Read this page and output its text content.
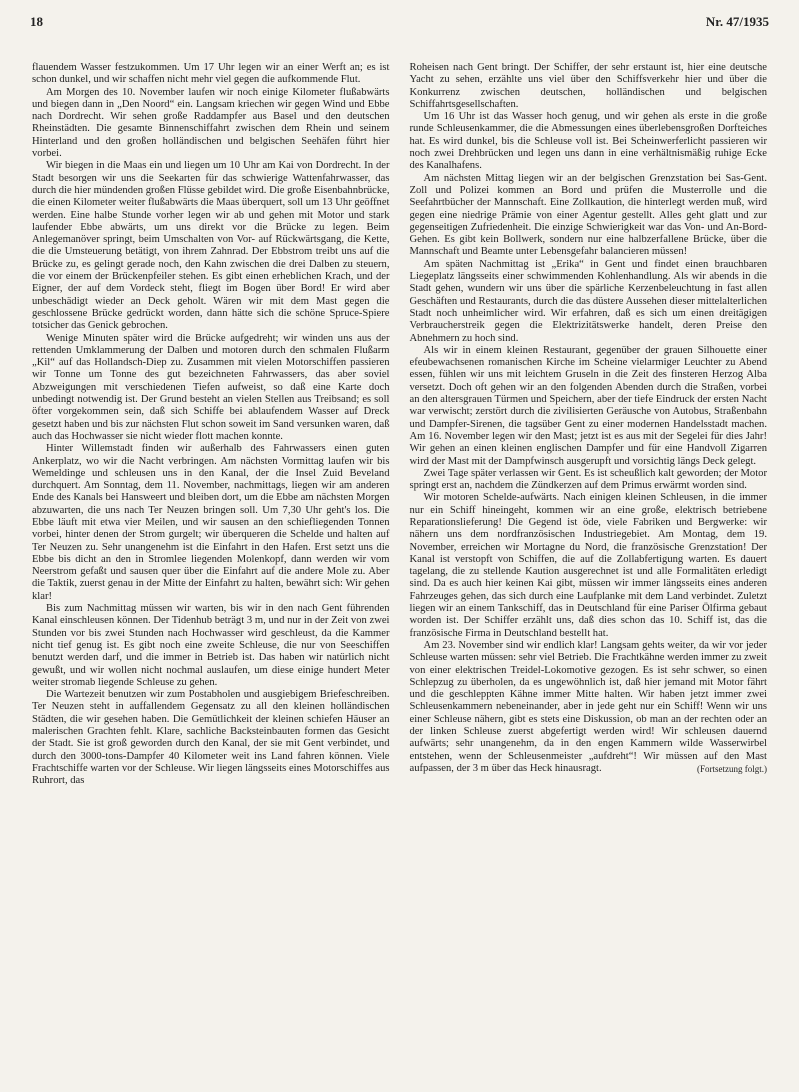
18	Nr. 47/1935

flauendem Wasser festzukommen. Um 17 Uhr legen wir an einer Werft an; es ist schon dunkel, und wir schaffen nicht mehr viel gegen die aufkommende Flut.

Am Morgen des 10. November laufen wir noch einige Kilometer flußabwärts und biegen dann in „Den Noord“ ein. Langsam kriechen wir gegen Wind und Ebbe nach Dordrecht. Wir sehen große Raddampfer aus Basel und den deutschen Rheinstädten. Die gesamte Binnenschiffahrt zwischen dem Rhein und seinem Hinterland und den großen holländischen und belgischen Seehäfen führt hier vorbei.

Wir biegen in die Maas ein und liegen um 10 Uhr am Kai von Dordrecht. In der Stadt besorgen wir uns die Seekarten für das schwierige Wattenfahrwasser, das durch die hier mündenden großen Flüsse gebildet wird. Die große Eisenbahnbrücke, die einen Kilometer weiter flußabwärts die Maas überquert, soll um 13 Uhr geöffnet werden. Eine halbe Stunde vorher legen wir ab und gehen mit Motor und stark laufender Ebbe abwärts, um uns direkt vor die Brücke zu legen. Beim Anlegemanöver springt, beim Umschalten von Vor- auf Rückwärtsgang, die Kette, die die Umsteuerung betätigt, von ihrem Zahnrad. Der Ebbstrom treibt uns auf die Brücke zu, es gelingt gerade noch, den Kahn zwischen die drei Dalben zu steuern, die vor einem der Brückenpfeiler stehen. Es gibt einen erheblichen Krach, und der Eigner, der auf dem Vordeck steht, fliegt im Bogen über Bord! Er wird aber unbeschädigt wieder an Deck geholt. Wären wir mit dem Mast gegen die geschlossene Brücke gedrückt worden, dann hätte sich die schöne Spruce-Spiere totsicher das Genick gebrochen.

Wenige Minuten später wird die Brücke aufgedreht; wir winden uns aus der rettenden Umklammerung der Dalben und motoren durch den schmalen Flußarm „Kil“ auf das Hollandsch-Diep zu. Zusammen mit vielen Motorschiffen passieren wir Tonne um Tonne des gut bezeichneten Fahrwassers, das aber soviel Abzweigungen mit verschiedenen Tiefen aufweist, so daß eine Karte doch unbedingt notwendig ist. Der Grund besteht an vielen Stellen aus Treibsand; es soll öfter vorgekommen sein, daß sich Schiffe bei ablaufendem Wasser auf Dreck gesetzt haben und bis zur nächsten Flut schon soweit im Sand versunken waren, daß auch das Hochwasser sie nicht wieder flott machen konnte.

Hinter Willemstadt finden wir außerhalb des Fahrwassers einen guten Ankerplatz, wo wir die Nacht verbringen. Am nächsten Vormittag laufen wir bis Wemeldinge und schleusen uns in den Kanal, der die Insel Zuid Beveland durchquert. Am Sonntag, dem 11. November, nachmittags, liegen wir am anderen Ende des Kanals bei Hansweert und bleiben dort, um die Ebbe am nächsten Morgen abzuwarten, die uns nach Ter Neuzen bringen soll. Um 7,30 Uhr geht's los. Die Ebbe läuft mit etwa vier Meilen, und wir sausen an den schiefliegenden Tonnen vorbei, hinter denen der Strom gurgelt; wir überqueren die Schelde und halten auf Ter Neuzen zu. Sehr unangenehm ist die Einfahrt in den Hafen. Erst setzt uns die Ebbe bis dicht an den in Stromlee liegenden Molenkopf, dann werden wir vom Neerstrom gefaßt und sausen quer über die Einfahrt auf die andere Mole zu. Aber die Taktik, zuerst genau in der Mitte der Einfahrt zu halten, bewährt sich: Wir gehen klar!

Bis zum Nachmittag müssen wir warten, bis wir in den nach Gent führenden Kanal einschleusen können. Der Tidenhub beträgt 3 m, und nur in der Zeit von zwei Stunden vor bis zwei Stunden nach Hochwasser wird geschleust, da die Kammer nicht tief genug ist. Es gibt noch eine zweite Schleuse, die nur von Seeschiffen benutzt werden darf, und die immer in Betrieb ist. Das haben wir natürlich nicht gewußt, und wir wollen nicht nochmal auslaufen, um diese einige hundert Meter weiter stromab liegende Schleuse zu gehen.

Die Wartezeit benutzen wir zum Postabholen und ausgiebigem Briefeschreiben. Ter Neuzen steht in auffallendem Gegensatz zu all den kleinen holländischen Städten, die wir gesehen haben. Die Gemütlichkeit der kleinen schiefen Häuser an malerischen Grachten fehlt. Klare, sachliche Backsteinbauten formen das Gesicht der Stadt. Sie ist groß geworden durch den Kanal, der sie mit Gent verbindet, und durch den 3000-tons-Dampfer 40 Kilometer weit ins Land fahren können. Viele Frachtschiffe warten vor der Schleuse. Wir liegen längsseits eines Motorschiffes aus Ruhrort, das

Roheisen nach Gent bringt. Der Schiffer, der sehr erstaunt ist, hier eine deutsche Yacht zu sehen, erzählte uns viel über den Schiffsverkehr hier und über die Konkurrenz zwischen deutschen, holländischen und belgischen Schiffahrtsgesellschaften.

Um 16 Uhr ist das Wasser hoch genug, und wir gehen als erste in die große runde Schleusenkammer, die die Abmessungen eines überlebensgroßen Dorfteiches hat. Es wird dunkel, bis die Schleuse voll ist. Bei Scheinwerferlicht passieren wir noch zwei Drehbrücken und legen uns dann in eine verhältnismäßig ruhige Ecke des Kanalhafens.

Am nächsten Mittag liegen wir an der belgischen Grenzstation bei Sas-Gent. Zoll und Polizei kommen an Bord und prüfen die Musterrolle und die Seefahrtbücher der Mannschaft. Eine Zollkaution, die hinterlegt werden muß, wird gegen eine niedrige Prämie von einer Agentur gestellt. Alles geht glatt und zur gegenseitigen Zufriedenheit. Die einzige Schwierigkeit war das Von- und An-Bord-Gehen. Es gibt kein Bollwerk, sondern nur eine halbzerfallene Brücke, über die Mannschaft und Beamte unter Lebensgefahr balancieren müssen!

Am späten Nachmittag ist „Erika“ in Gent und findet einen brauchbaren Liegeplatz längsseits einer schwimmenden Kohlenhandlung. Als wir abends in die Stadt gehen, wundern wir uns über die spärliche Kerzenbeleuchtung in fast allen Geschäften und Restaurants, durch die das düstere Aussehen dieser mittelalterlichen Stadt noch unheimlicher wird. Wir erfahren, daß es sich um einen dreitägigen Verbraucherstreik gegen die Elektrizitätswerke handelt, deren Preise den Abnehmern zu hoch sind.

Als wir in einem kleinen Restaurant, gegenüber der grauen Silhouette einer efeubewachsenen romanischen Kirche im Scheine vielarmiger Leuchter zu Abend essen, fühlen wir uns mit leichtem Gruseln in die Zeit des finsteren Herzog Alba versetzt. Doch oft gehen wir an den folgenden Abenden durch die Straßen, vorbei an den altersgrauen Türmen und Speichern, aber der tiefe Eindruck der ersten Nacht war verwischt; zerstört durch die zivilisierten Geräusche von Autobus, Straßenbahn und Dampfer-Sirenen, die tagsüber Gent zu einer modernen Handelsstadt machen. Am 16. November legen wir den Mast; jetzt ist es aus mit der Segelei für dies Jahr! Wir gehen an einen kleinen englischen Dampfer und für eine Handvoll Zigarren wird der Mast mit der Dampfwinsch ausgerupft und vorsichtig längs Deck gelegt.

Zwei Tage später verlassen wir Gent. Es ist scheußlich kalt geworden; der Motor springt erst an, nachdem die Zündkerzen auf dem Primus erwärmt worden sind.

Wir motoren Schelde-aufwärts. Nach einigen kleinen Schleusen, in die immer nur ein Schiff hineingeht, kommen wir an eine große, elektrisch betriebene Reparationslieferung! Die Gegend ist öde, viele Fabriken und Bergwerke: wir nähern uns dem nordfranzösischen Industriegebiet. Am Montag, dem 19. November, erreichen wir Mortagne du Nord, die französische Grenzstation! Der Kanal ist verstopft von Schiffen, die auf die Zollabfertigung warten. Es dauert tagelang, die zu stellende Kaution ausgerechnet ist und alle Formalitäten erledigt sind. Da es auch hier keinen Kai gibt, müssen wir immer längsseits eines anderen Fahrzeuges gehen, das sich durch eine Laufplanke mit dem Land verbindet. Zuletzt liegen wir an einem Tankschiff, das in Deutschland für eine Pariser Ölfirma gebaut worden ist. Der Schiffer erzählt uns, daß dies schon das 10. Schiff ist, das die französische Firma in Deutschland bestellt hat.

Am 23. November sind wir endlich klar! Langsam gehts weiter, da wir vor jeder Schleuse warten müssen: sehr viel Betrieb. Die Frachtkähne werden immer zu zweit von einer elektrischen Treidel-Lokomotive gezogen. Es ist sehr schwer, so einen Schlepzug zu überholen, da es ungewöhnlich ist, daß hier jemand mit Motor fährt und die geschleppten Kähne immer Mitte halten. Wir haben jetzt immer zwei Schleusenkammern nebeneinander, aber in jede geht nur ein Schiff! Wenn wir uns einer Schleuse nähern, gibt es stets eine Diskussion, ob man an der rechten oder an der linken Schleuse zuerst abgefertigt werden wird! Wir schleusen dauernd aufwärts; sehr unangenehm, da in den engen Kammern wilde Wasserwirbel entstehen, wenn der Schleusenmeister „aufdreht“! Wir müssen auf den Mast aufpassen, der 3 m über das Heck hinausragt.	(Fortsetzung folgt.)
